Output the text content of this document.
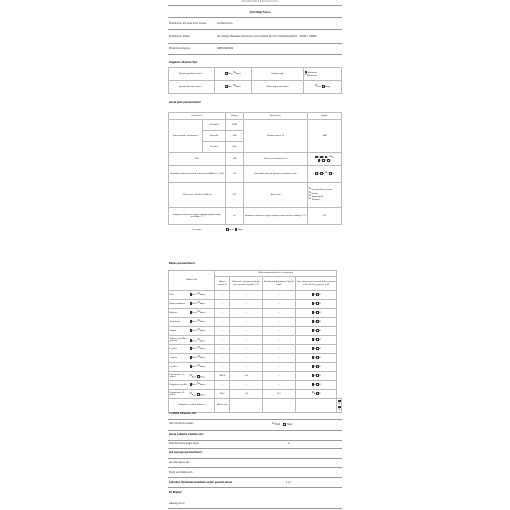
(EU) 2019/2016 Bilgi Kayıt Formu
Ürün Bilgi Formu
Tedarikçinin adı veya ticari ünvanı:	LG Electronics
Tedarikçinin adresi:	Yeni Sanayi Mahallesi Denizli Ana yolu Caddesi No:17-2 Güzelbahçe/İzmir - 34096 / TURKEY
Model tanımlayıcısı:	GBB72SWUGN
Soğutma cihazının tipi:
Düşük gürültülü cihaz:	Evet ☒Hayır	Tasarım tipi:	Ankastre
☒ Bağımsız

Şarap saklama cihazı:	Evet ☒Hayır	Diğer soğutma cihazı:	☒Evet Hayır
Genel ürün parametreleri:
Parametre		Değer	Parametre	Değer
Tüm boyutlar (milimetre)	Yükseklik	1980	Toplam hacim (l)	384
	Genişlik	595		
	Derinlik	655		
EEI		108	Enerji verimliliği sınıfı	A B C ☒D
E F G
Havadaki akustik gürültü emisyonu [dB(A) re 1 pW]		36	Havadaki akustik gürültü emisyonu sınıfı	A B ☒C D
Yıllık enerji tüketimi (kWh/a)		227	İklim sınıfı	☒ Genişletilmiş ılıman
☒ Ilıman
☒ Subtropikal
☒ Tropikal

Soğutma cihazının uygun olduğu asgari ortam sıcaklığı (°C)		10	Soğutma cihazının uygun olduğu azami ortam sıcaklığı (°C)	43
Kış ayarı		Evet Hayır		
Bölme parametreleri:
Bölme tipi	Bölme parametreleri ve değerleri				
	Bölme hacmi (l)	Bölmenin çalışma sıcaklığı için önerilen ayarlar (°C)	Dondurma Kapasitesi (kg/24 saat)	Buz çözme tipi (otomatik buz çözme = A, elle buz çözme = M)	
Kiler Evet ☒Hayır	—	—	—	A M	
Şarap saklama Evet ☒Hayır	—	—	—	A M	
Mahzen Evet ☒Hayır	—	—	—	A M	
Taze besin Evet ☒Hayır	—	—	—	A M	
Soğuk Evet ☒Hayır	—	—	—	A M	
Yüksek nem/Taze yiyecek Evet ☒Hayır	—	—	—	A M	
0-yıldız Evet ☒Hayır	—	—	—	A M	
1-yıldız Evet ☒Hayır	—	—	—	A M	
2-yıldız Evet ☒Hayır	—	—	—	A M	
Dondurucu (3-yıldız) ☒Evet Hayır	266,0	+4	—	A M	
Değişken sıcaklık Evet ☒Hayır	—	—	—	A M	
Dondurucu (4-yıldız) ☒Evet Hayır	98,0	-18	8,0	☒A M	
Değişken sıcaklık bölmesi	Bölme tipi				A M
4 yıldızlı bölmeler için
Hızlı dondurma imkanı	☒ Evet	Hayır
Şarap saklama cihazları için
Standart şarap şişesi sayısı	0
Işık kaynağı parametreleri:
Işık kaynağının tipi
Enerji verimliliği sınıfı
Tedarikçi tarafından belirtilen asgari garanti süresi	2 yıl
Ek Bilgiler:
www.lg.com.tr
